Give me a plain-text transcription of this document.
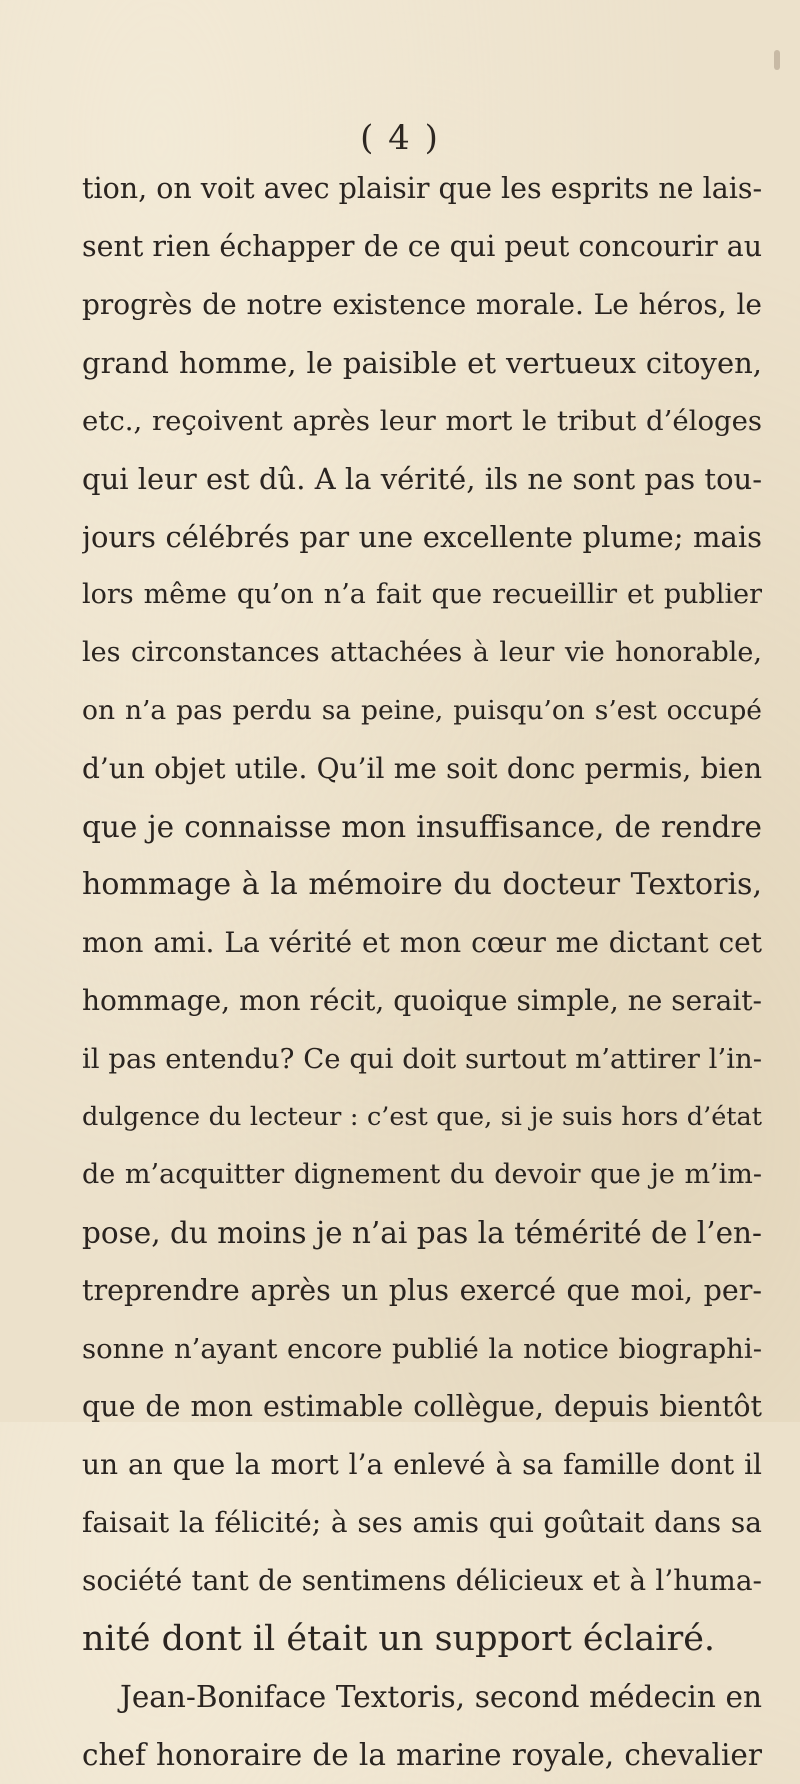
( 4 )
tion, on voit avec plaisir que les esprits ne lais-
sent rien échapper de ce qui peut concourir au
progrès de notre existence morale. Le héros, le
grand homme, le paisible et vertueux citoyen,
etc., reçoivent après leur mort le tribut d’éloges
qui leur est dû. A la vérité, ils ne sont pas tou-
jours célébrés par une excellente plume; mais
lors même qu’on n’a fait que recueillir et publier
les circonstances attachées à leur vie honorable,
on n’a pas perdu sa peine, puisqu’on s’est occupé
d’un objet utile. Qu’il me soit donc permis, bien
que je connaisse mon insuffisance, de rendre
hommage à la mémoire du docteur Textoris,
mon ami. La vérité et mon cœur me dictant cet
hommage, mon récit, quoique simple, ne serait-
il pas entendu? Ce qui doit surtout m’attirer l’in-
dulgence du lecteur : c’est que, si je suis hors d’état
de m’acquitter dignement du devoir que je m’im-
pose, du moins je n’ai pas la témérité de l’en-
treprendre après un plus exercé que moi, per-
sonne n’ayant encore publié la notice biographi-
que de mon estimable collègue, depuis bientôt
un an que la mort l’a enlevé à sa famille dont il
faisait la félicité; à ses amis qui goûtait dans sa
société tant de sentimens délicieux et à l’huma-
nité dont il était un support éclairé.
Jean-Boniface Textoris, second médecin en
chef honoraire de la marine royale, chevalier
